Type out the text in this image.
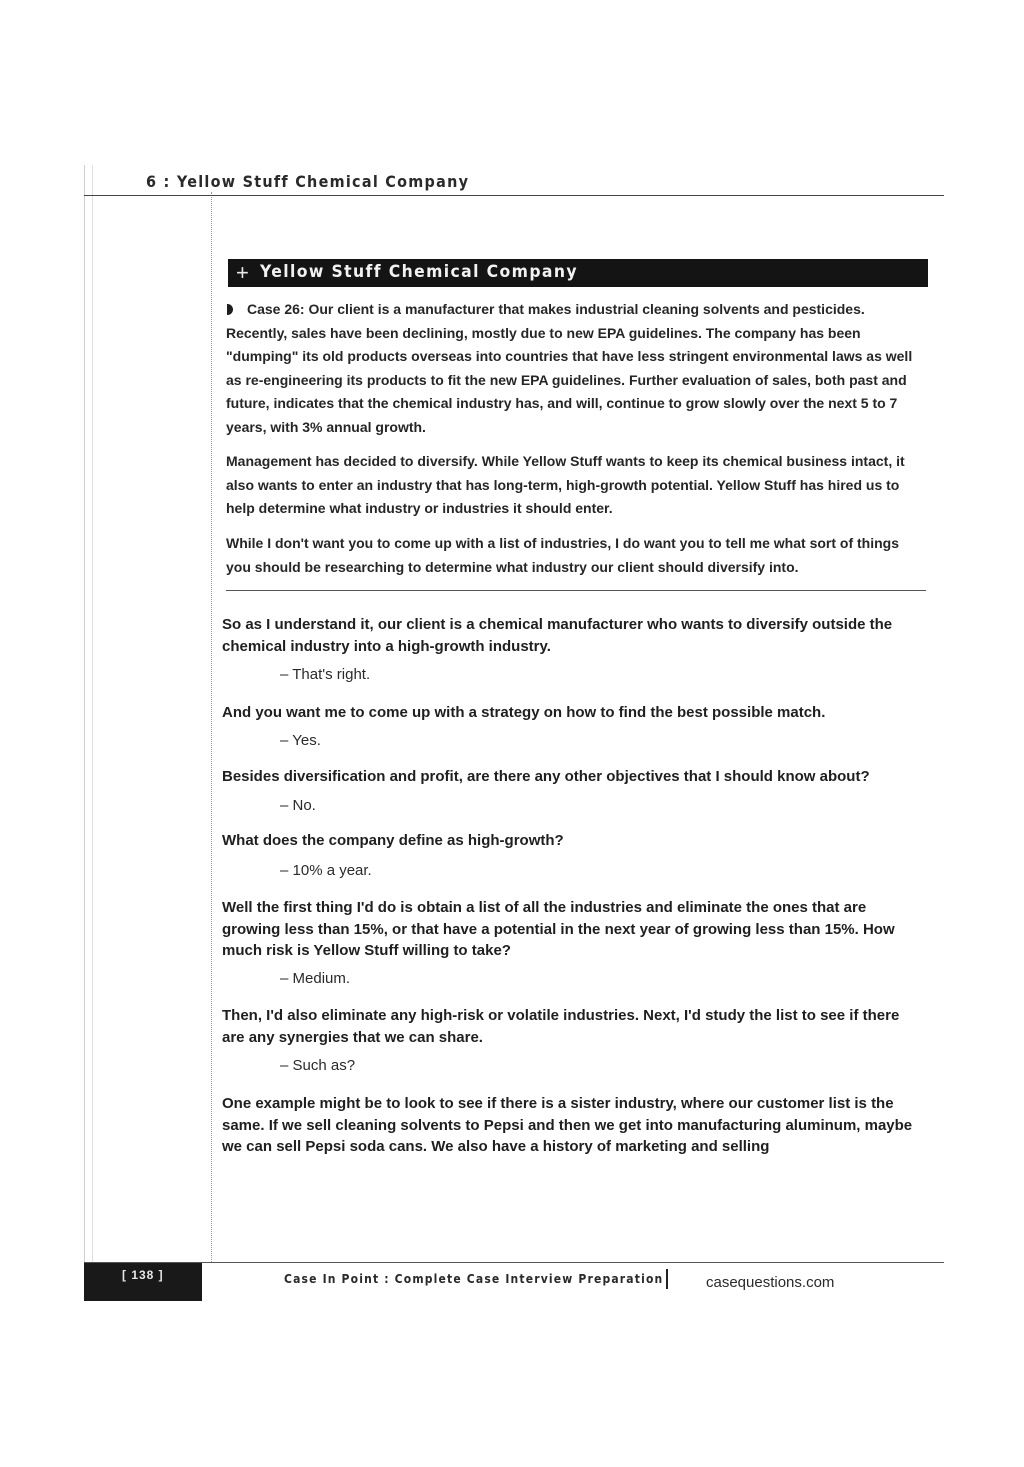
6 : Yellow Stuff Chemical Company
+ Yellow Stuff Chemical Company

Case 26: Our client is a manufacturer that makes industrial cleaning solvents and pesticides. Recently, sales have been declining, mostly due to new EPA guidelines. The company has been "dumping" its old products overseas into countries that have less stringent environmental laws as well as re-engineering its products to fit the new EPA guidelines. Further evaluation of sales, both past and future, indicates that the chemical industry has, and will, continue to grow slowly over the next 5 to 7 years, with 3% annual growth.

Management has decided to diversify. While Yellow Stuff wants to keep its chemical business intact, it also wants to enter an industry that has long-term, high-growth potential. Yellow Stuff has hired us to help determine what industry or industries it should enter.

While I don't want you to come up with a list of industries, I do want you to tell me what sort of things you should be researching to determine what industry our client should diversify into.

So as I understand it, our client is a chemical manufacturer who wants to diversify outside the chemical industry into a high-growth industry.

– That's right.

And you want me to come up with a strategy on how to find the best possible match.

– Yes.

Besides diversification and profit, are there any other objectives that I should know about?

– No.

What does the company define as high-growth?

– 10% a year.

Well the first thing I'd do is obtain a list of all the industries and eliminate the ones that are growing less than 15%, or that have a potential in the next year of growing less than 15%. How much risk is Yellow Stuff willing to take?

– Medium.

Then, I'd also eliminate any high-risk or volatile industries. Next, I'd study the list to see if there are any synergies that we can share.

– Such as?

One example might be to look to see if there is a sister industry, where our customer list is the same. If we sell cleaning solvents to Pepsi and then we get into manufacturing aluminum, maybe we can sell Pepsi soda cans. We also have a history of marketing and selling

[ 138 ]	Case In Point : Complete Case Interview Preparation	casequestions.com
